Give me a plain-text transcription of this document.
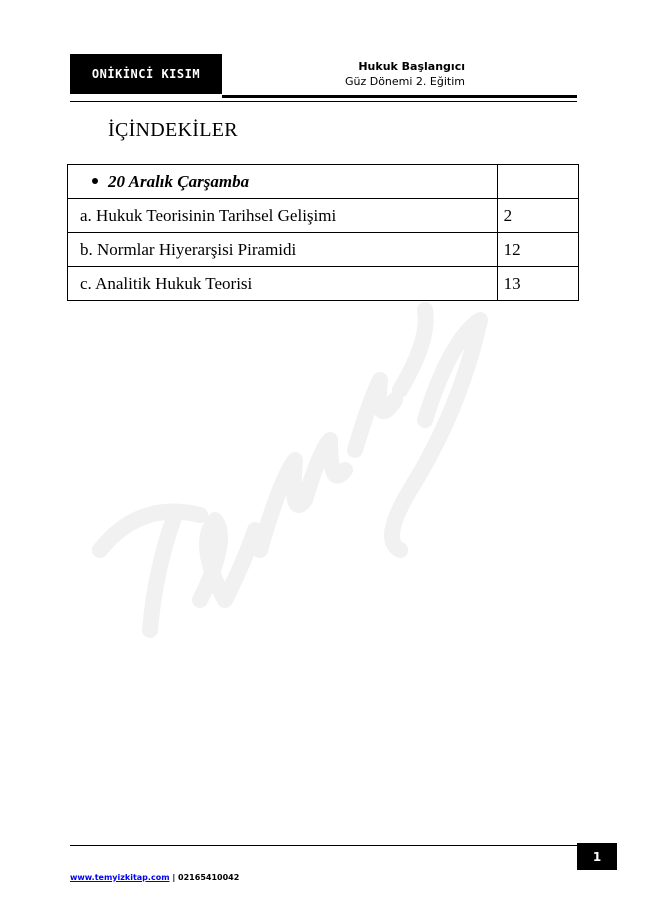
ONİKİNCİ KISIM
Hukuk Başlangıcı
Güz Dönemi 2. Eğitim
İÇİNDEKİLER
20 Aralık Çarşamba	
a. Hukuk Teorisinin Tarihsel Gelişimi	2
b. Normlar Hiyerarşisi Piramidi	12
c. Analitik Hukuk Teorisi	13
1
www.temyizkitap.com | 02165410042
